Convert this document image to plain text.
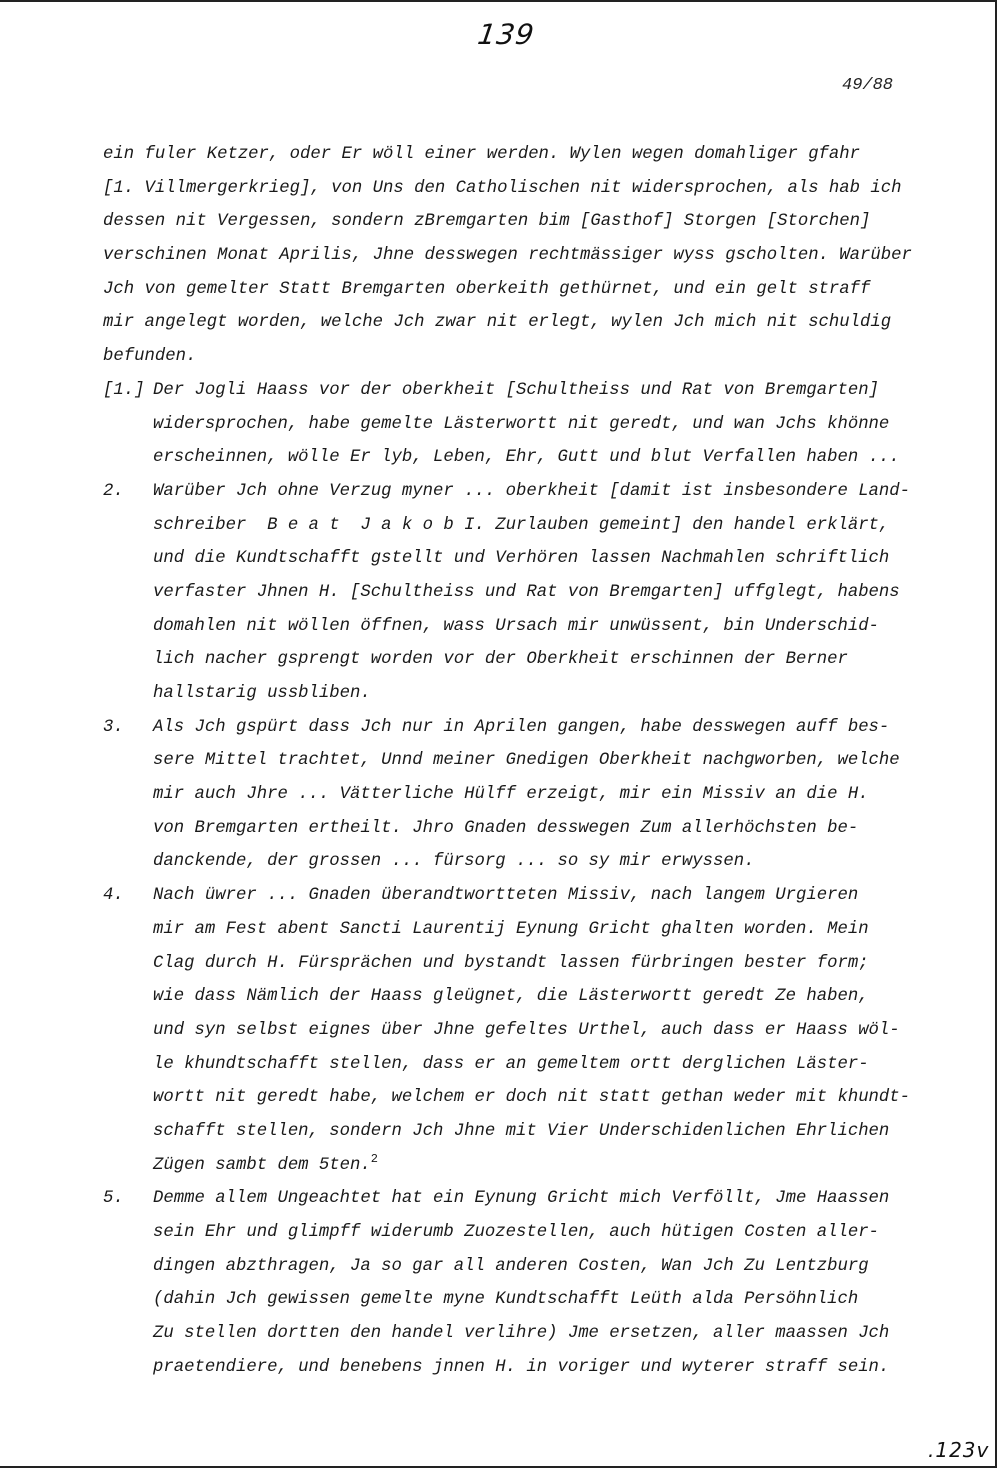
139
49/88
.123v
ein fuler Ketzer, oder Er wöll einer werden. Wylen wegen domahliger gfahr
[1. Villmergerkrieg], von Uns den Catholischen nit widersprochen, als hab ich
dessen nit Vergessen, sondern zBremgarten bim [Gasthof] Storgen [Storchen]
verschinen Monat Aprilis, Jhne desswegen rechtmässiger wyss gscholten. Warüber
Jch von gemelter Statt Bremgarten oberkeith gethürnet, und ein gelt straff
mir angelegt worden, welche Jch zwar nit erlegt, wylen Jch mich nit schuldig
befunden.
[1.] Der Jogli Haass vor der oberkheit [Schultheiss und Rat von Bremgarten]
widersprochen, habe gemelte Lästerwortt nit geredt, und wan Jchs khönne
erscheinnen, wölle Er lyb, Leben, Ehr, Gutt und blut Verfallen haben ...
2. Warüber Jch ohne Verzug myner ... oberkheit [damit ist insbesondere Land-
schreiber  B e a t  J a k o b I. Zurlauben gemeint] den handel erklärt,
und die Kundtschafft gstellt und Verhören lassen Nachmahlen schriftlich
verfaster Jhnen H. [Schultheiss und Rat von Bremgarten] uffglegt, habens
domahlen nit wöllen öffnen, wass Ursach mir unwüssent, bin Underschid-
lich nacher gsprengt worden vor der Oberkheit erschinnen der Berner
hallstarig ussbliben.
3. Als Jch gspürt dass Jch nur in Aprilen gangen, habe desswegen auff bes-
sere Mittel trachtet, Unnd meiner Gnedigen Oberkheit nachgworben, welche
mir auch Jhre ... Vätterliche Hülff erzeigt, mir ein Missiv an die H.
von Bremgarten ertheilt. Jhro Gnaden desswegen Zum allerhöchsten be-
danckende, der grossen ... fürsorg ... so sy mir erwyssen.
4. Nach üwrer ... Gnaden überandtwortteten Missiv, nach langem Urgieren
mir am Fest abent Sancti Laurentij Eynung Gricht ghalten worden. Mein
Clag durch H. Fürsprächen und bystandt lassen fürbringen bester form;
wie dass Nämlich der Haass gleügnet, die Lästerwortt geredt Ze haben,
und syn selbst eignes über Jhne gefeltes Urthel, auch dass er Haass wöl-
le khundtschafft stellen, dass er an gemeltem ortt derglichen Läster-
wortt nit geredt habe, welchem er doch nit statt gethan weder mit khundt-
schafft stellen, sondern Jch Jhne mit Vier Underschidenlichen Ehrlichen
Zügen sambt dem 5ten.$^2$
5. Demme allem Ungeachtet hat ein Eynung Gricht mich Verföllt, Jme Haassen
sein Ehr und glimpff widerumb Zuozestellen, auch hütigen Costen aller-
dingen abzthragen, Ja so gar all anderen Costen, Wan Jch Zu Lentzburg
(dahin Jch gewissen gemelte myne Kundtschafft Leüth alda Persöhnlich
Zu stellen dortten den handel verlihre) Jme ersetzen, aller maassen Jch
praetendiere, und benebens jnnen H. in voriger und wyterer straff sein.
